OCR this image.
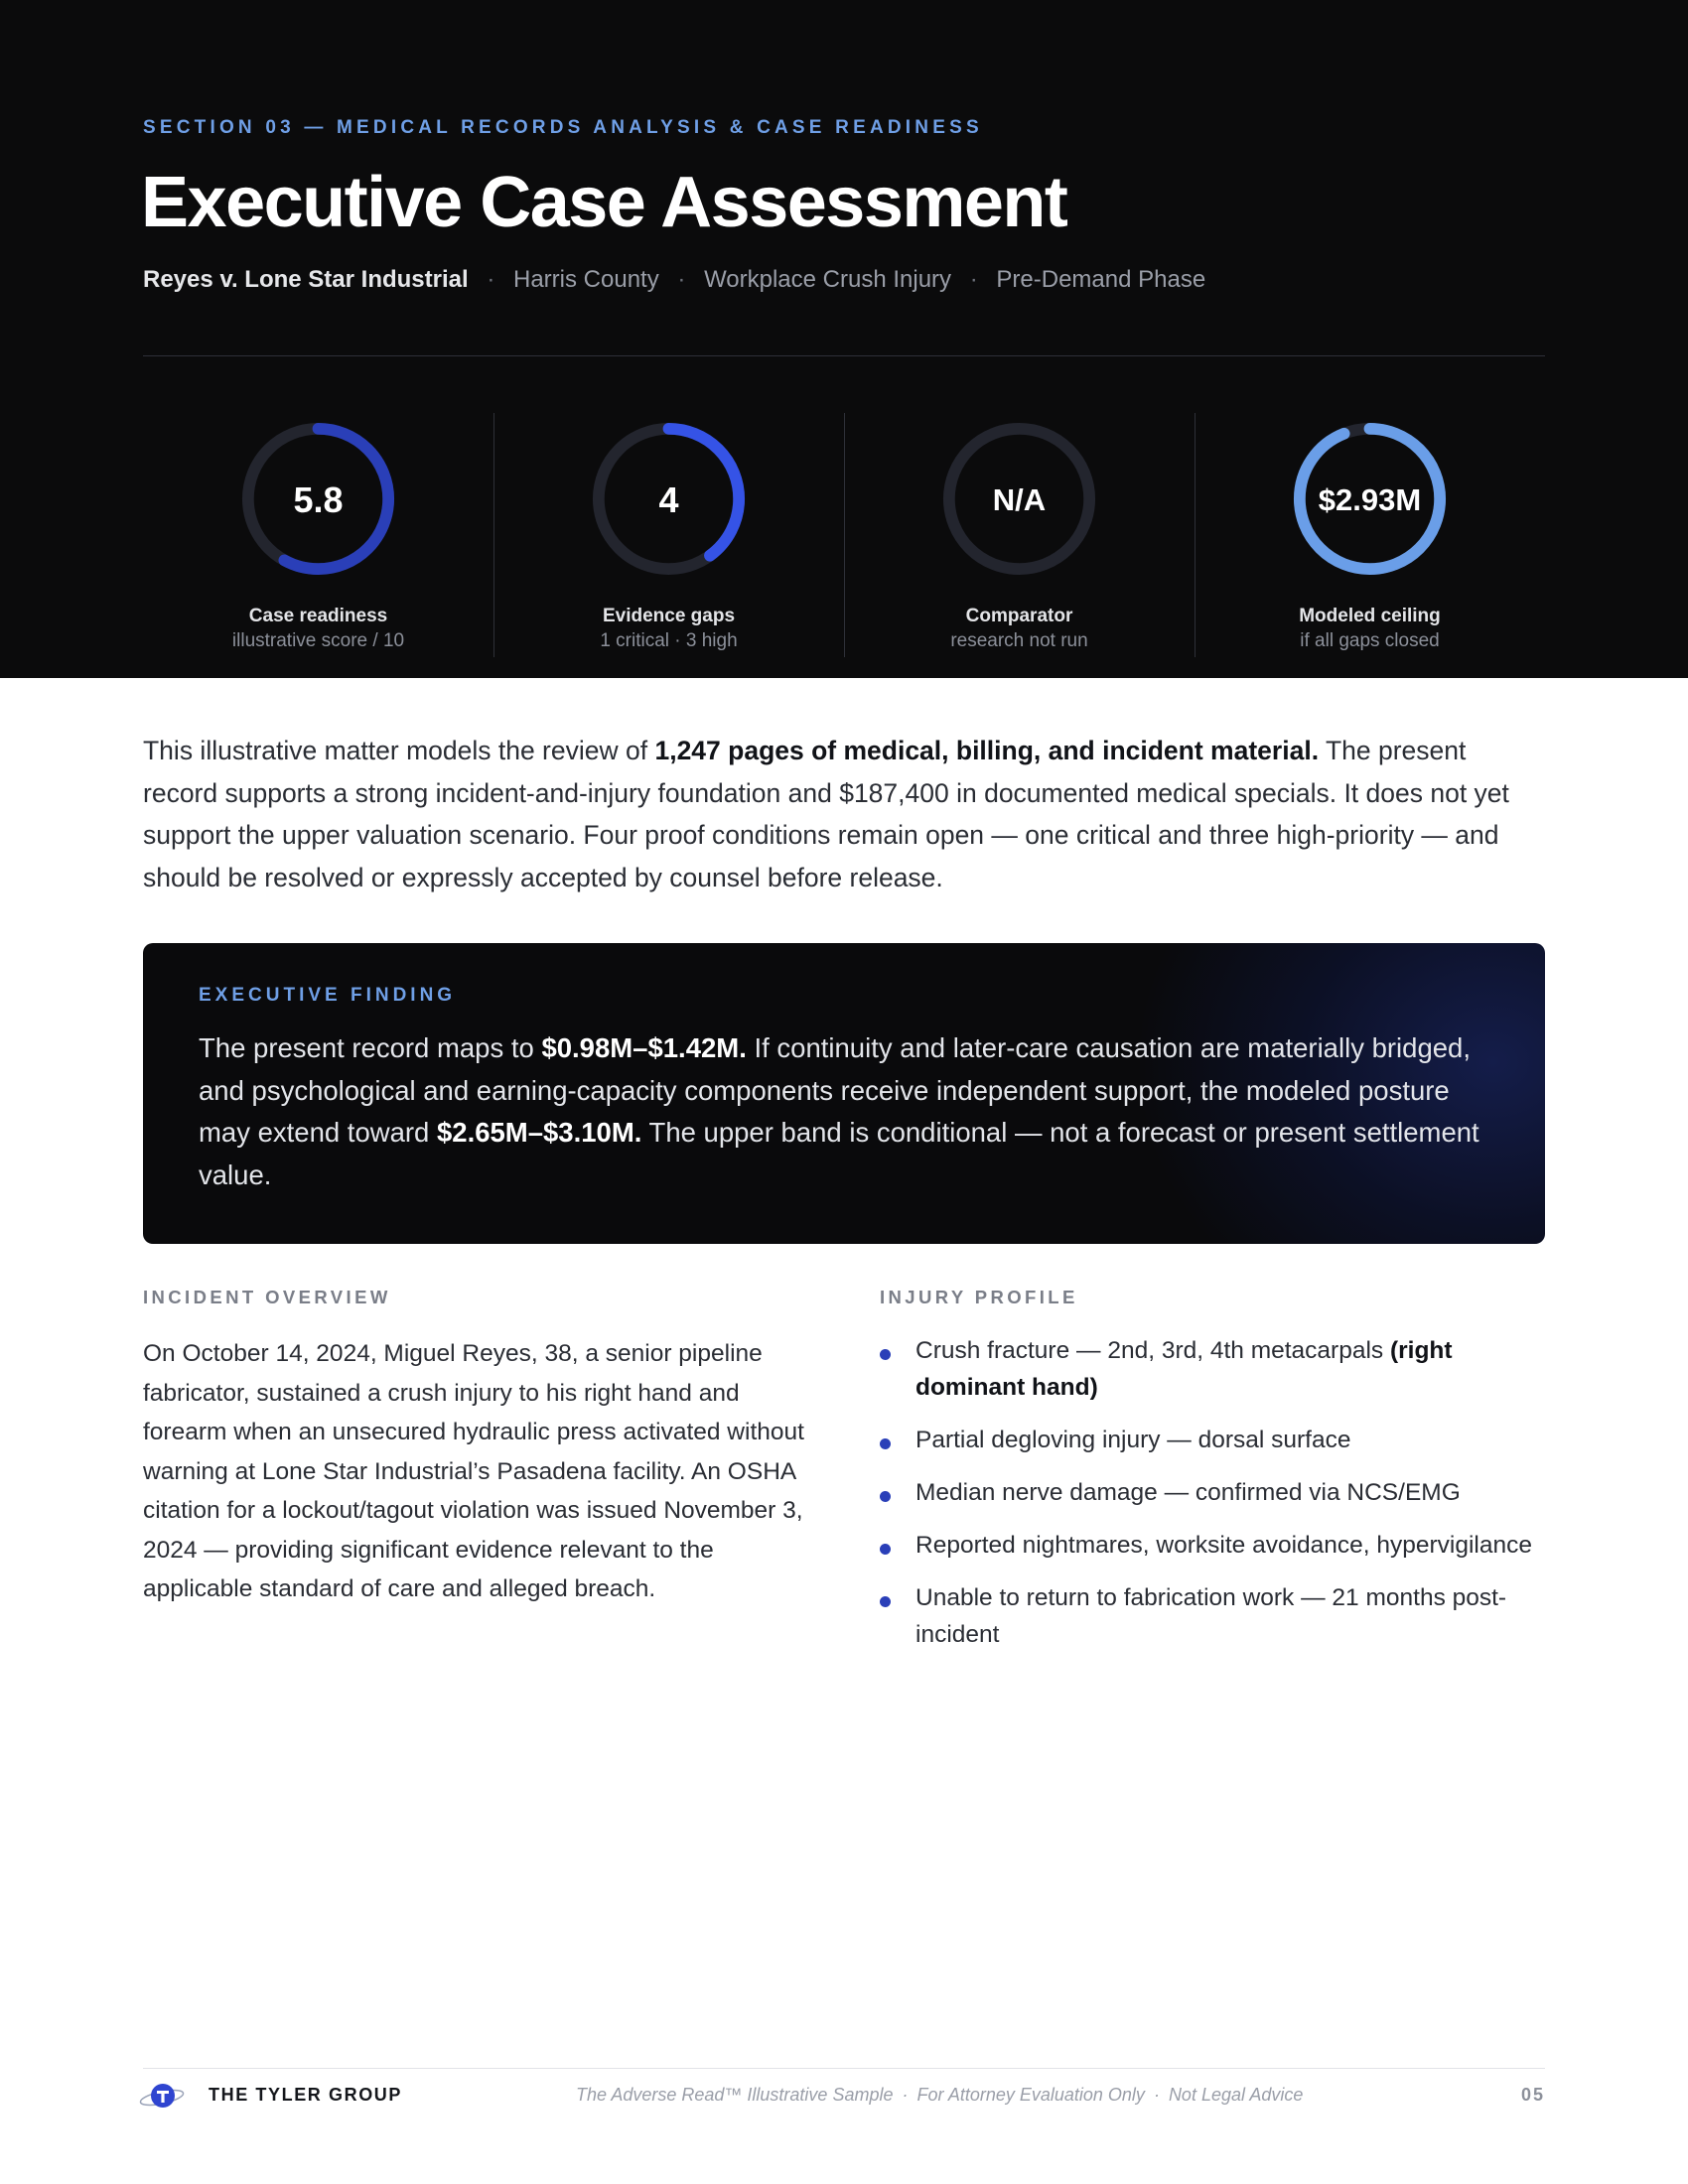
SECTION 03 — MEDICAL RECORDS ANALYSIS & CASE READINESS
Executive Case Assessment
Reyes v. Lone Star Industrial · Harris County · Workplace Crush Injury · Pre-Demand Phase
5.8
Case readiness
illustrative score / 10
4
Evidence gaps
1 critical · 3 high
N/A
Comparator
research not run
$2.93M
Modeled ceiling
if all gaps closed

This illustrative matter models the review of 1,247 pages of medical, billing, and incident material. The present record supports a strong incident-and-injury foundation and $187,400 in documented medical specials. It does not yet support the upper valuation scenario. Four proof conditions remain open — one critical and three high-priority — and should be resolved or expressly accepted by counsel before release.

EXECUTIVE FINDING

The present record maps to $0.98M–$1.42M. If continuity and later-care causation are materially bridged, and psychological and earning-capacity components receive independent support, the modeled posture may extend toward $2.65M–$3.10M. The upper band is conditional — not a forecast or present settlement value.

INCIDENT OVERVIEW

On October 14, 2024, Miguel Reyes, 38, a senior pipeline fabricator, sustained a crush injury to his right hand and forearm when an unsecured hydraulic press activated without warning at Lone Star Industrial’s Pasadena facility. An OSHA citation for a lockout/tagout violation was issued November 3, 2024 — providing significant evidence relevant to the applicable standard of care and alleged breach.

INJURY PROFILE
Crush fracture — 2nd, 3rd, 4th metacarpals (right dominant hand)
Partial degloving injury — dorsal surface
Median nerve damage — confirmed via NCS/EMG
Reported nightmares, worksite avoidance, hypervigilance
Unable to return to fabrication work — 21 months post-incident
THE TYLER GROUP	The Adverse Read™ Illustrative Sample · For Attorney Evaluation Only · Not Legal Advice	05
